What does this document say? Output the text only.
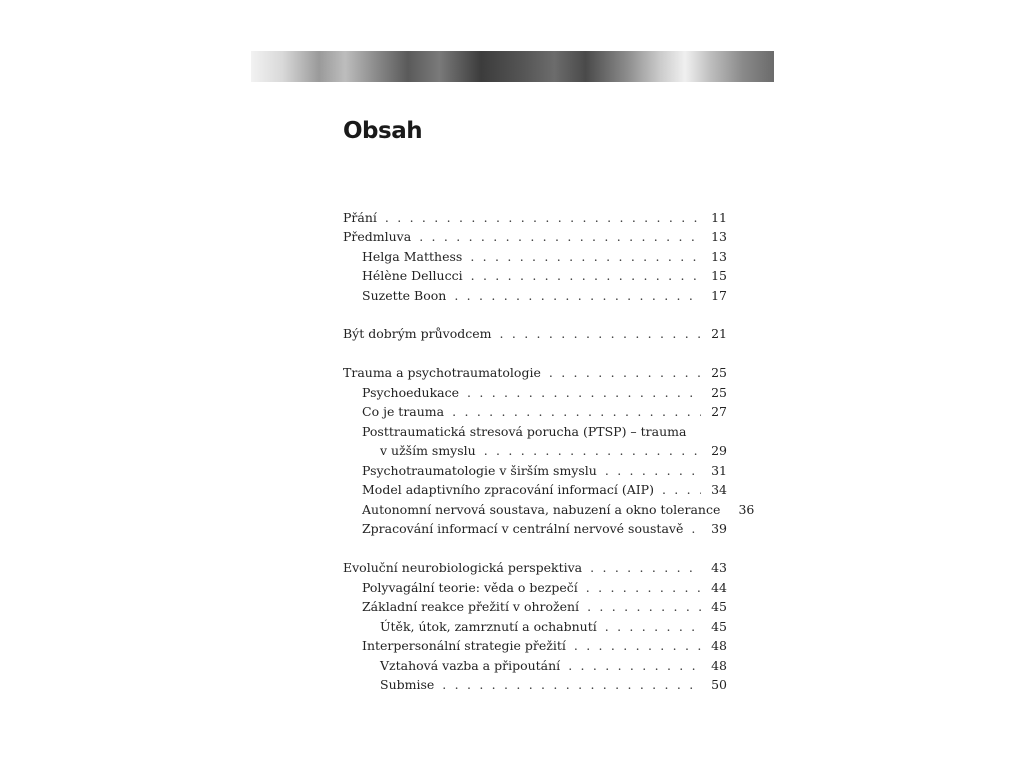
Obsah
Přání . . .	11
Předmluva . . .	13
Helga Matthess . . .	13
Hélène Dellucci . . .	15
Suzette Boon . . .	17
Být dobrým průvodcem . . .	21
Trauma a psychotraumatologie . . .	25
Psychoedukace . . .	25
Co je trauma . . .	27
Posttraumatická stresová porucha (PTSP) – trauma
v užším smyslu . . .	29
Psychotraumatologie v širším smyslu . . .	31
Model adaptivního zpracování informací (AIP) . . .	34
Autonomní nervová soustava, nabuzení a okno tolerance	36
Zpracování informací v centrální nervové soustavě . . .	39
Evoluční neurobiologická perspektiva . . .	43
Polyvagální teorie: věda o bezpečí . . .	44
Základní reakce přežití v ohrožení . . .	45
Útěk, útok, zamrznutí a ochabnutí . . .	45
Interpersonální strategie přežití . . .	48
Vztahová vazba a připoutání . . .	48
Submise . . .	50
